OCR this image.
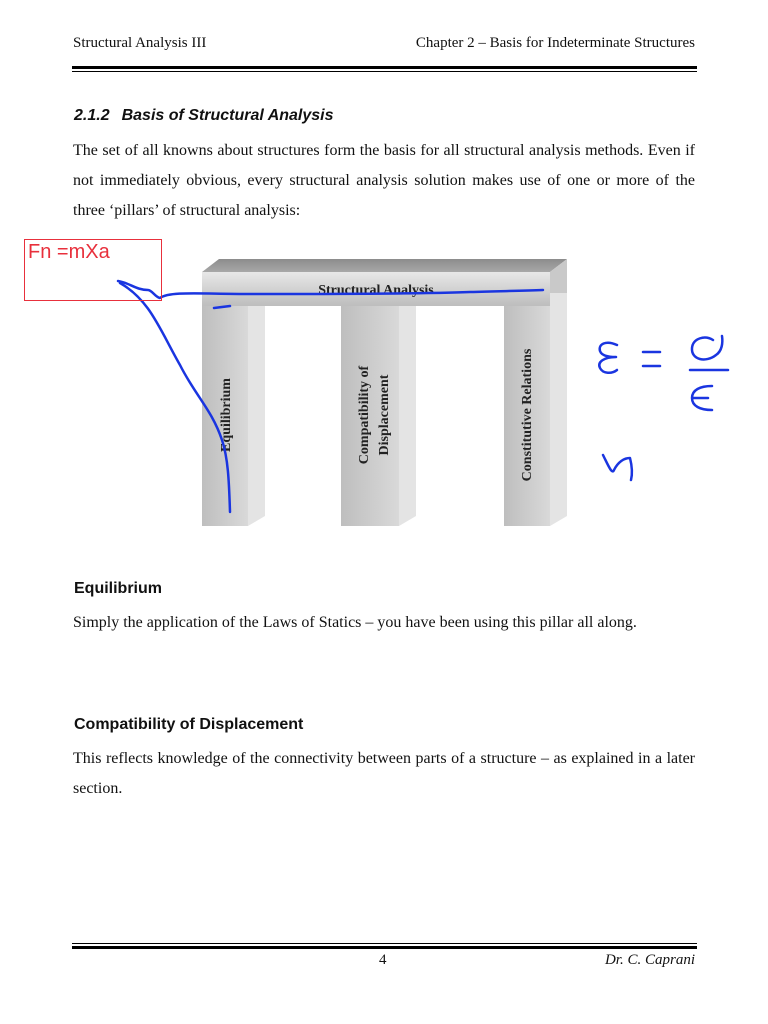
Structural Analysis III	Chapter 2 – Basis for Indeterminate Structures
2.1.2 Basis of Structural Analysis
The set of all knowns about structures form the basis for all structural analysis methods. Even if not immediately obvious, every structural analysis solution makes use of one or more of the three ‘pillars’ of structural analysis:
Structural Analysis
Equilibrium	Compatibility of Displacement	Constitutive Relations
Fn =mXa
Equilibrium
Simply the application of the Laws of Statics – you have been using this pillar all along.
Compatibility of Displacement
This reflects knowledge of the connectivity between parts of a structure – as explained in a later section.
4	Dr. C. Caprani
